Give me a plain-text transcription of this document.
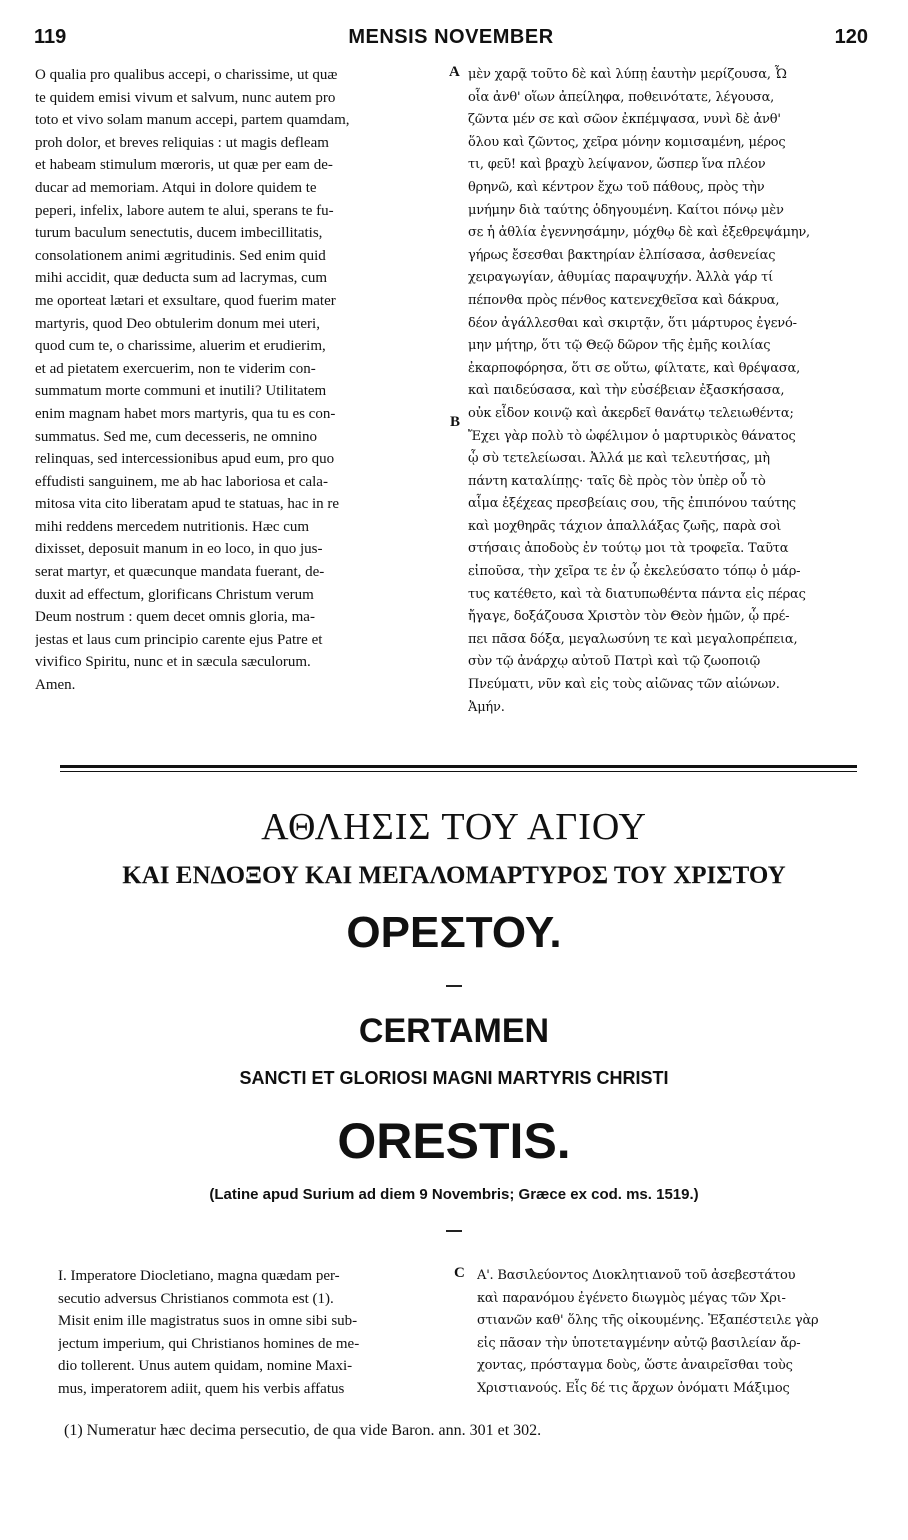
119	MENSIS NOVEMBER	120

O qualia pro qualibus accepi, o charissime, ut quæ

te quidem emisi vivum et salvum, nunc autem pro

toto et vivo solam manum accepi, partem quamdam,

proh dolor, et breves reliquias : ut magis defleam

et habeam stimulum mœroris, ut quæ per eam de-

ducar ad memoriam. Atqui in dolore quidem te

peperi, infelix, labore autem te alui, sperans te fu-

turum baculum senectutis, ducem imbecillitatis,

consolationem animi ægritudinis. Sed enim quid

mihi accidit, quæ deducta sum ad lacrymas, cum

me oporteat lætari et exsultare, quod fuerim mater

martyris, quod Deo obtulerim donum mei uteri,

quod cum te, o charissime, aluerim et erudierim,

et ad pietatem exercuerim, non te viderim con-

summatum morte communi et inutili? Utilitatem

enim magnam habet mors martyris, qua tu es con-

summatus. Sed me, cum decesseris, ne omnino

relinquas, sed intercessionibus apud eum, pro quo

effudisti sanguinem, me ab hac laboriosa et cala-

mitosa vita cito liberatam apud te statuas, hac in re

mihi reddens mercedem nutritionis. Hæc cum

dixisset, deposuit manum in eo loco, in quo jus-

serat martyr, et quæcunque mandata fuerant, de-

duxit ad effectum, glorificans Christum verum

Deum nostrum : quem decet omnis gloria, ma-

jestas et laus cum principio carente ejus Patre et

vivifico Spiritu, nunc et in sæcula sæculorum.

Amen.

μὲν χαρᾷ τοῦτο δὲ καὶ λύπῃ ἑαυτὴν μερίζουσα, Ὦ

οἷα ἀνθ' οἵων ἀπείληφα, ποθεινότατε, λέγουσα,

ζῶντα μέν σε καὶ σῶον ἐκπέμψασα, νυνὶ δὲ ἀνθ'

ὅλου καὶ ζῶντος, χεῖρα μόνην κομισαμένη, μέρος

τι, φεῦ! καὶ βραχὺ λείψανον, ὥσπερ ἵνα πλέον

θρηνῶ, καὶ κέντρον ἔχω τοῦ πάθους, πρὸς τὴν

μνήμην διὰ ταύτης ὁδηγουμένη. Καίτοι πόνῳ μὲν

σε ἡ ἀθλία ἐγεννησάμην, μόχθῳ δὲ καὶ ἐξεθρεψάμην,

γήρως ἔσεσθαι βακτηρίαν ἐλπίσασα, ἀσθενείας

χειραγωγίαν, ἀθυμίας παραψυχήν. Ἀλλὰ γάρ τί

πέπονθα πρὸς πένθος κατενεχθεῖσα καὶ δάκρυα,

δέον ἀγάλλεσθαι καὶ σκιρτᾷν, ὅτι μάρτυρος ἐγενό-

μην μήτηρ, ὅτι τῷ Θεῷ δῶρον τῆς ἐμῆς κοιλίας

ἐκαρποφόρησα, ὅτι σε οὕτω, φίλτατε, καὶ θρέψασα,

καὶ παιδεύσασα, καὶ τὴν εὐσέβειαν ἐξασκήσασα,

οὐκ εἶδον κοινῷ καὶ ἀκερδεῖ θανάτῳ τελειωθέντα;

Ἔχει γὰρ πολὺ τὸ ὠφέλιμον ὁ μαρτυρικὸς θάνατος

ᾧ σὺ τετελείωσαι. Ἀλλά με καὶ τελευτήσας, μὴ

πάντη καταλίπῃς· ταῖς δὲ πρὸς τὸν ὑπὲρ οὗ τὸ

αἷμα ἐξέχεας πρεσβείαις σου, τῆς ἐπιπόνου ταύτης

καὶ μοχθηρᾶς τάχιον ἀπαλλάξας ζωῆς, παρὰ σοὶ

στήσαις ἀποδοὺς ἐν τούτῳ μοι τὰ τροφεῖα. Ταῦτα

εἰποῦσα, τὴν χεῖρα τε ἐν ᾧ ἐκελεύσατο τόπῳ ὁ μάρ-

τυς κατέθετο, καὶ τὰ διατυπωθέντα πάντα εἰς πέρας

ἤγαγε, δοξάζουσα Χριστὸν τὸν Θεὸν ἡμῶν, ᾧ πρέ-

πει πᾶσα δόξα, μεγαλωσύνη τε καὶ μεγαλοπρέπεια,

σὺν τῷ ἀνάρχῳ αὐτοῦ Πατρὶ καὶ τῷ ζωοποιῷ

Πνεύματι, νῦν καὶ εἰς τοὺς αἰῶνας τῶν αἰώνων.

Ἀμήν.

A
B
ΑΘΛΗΣΙΣ ΤΟΥ ΑΓΙΟΥ
ΚΑΙ ΕΝΔΟΞΟΥ ΚΑΙ ΜΕΓΑΛΟΜΑΡΤΥΡΟΣ ΤΟΥ ΧΡΙΣΤΟΥ
ΟΡΕΣΤΟΥ.
CERTAMEN
SANCTI ET GLORIOSI MAGNI MARTYRIS CHRISTI
ORESTIS.
(Latine apud Surium ad diem 9 Novembris; Græce ex cod. ms. 1519.)

I. Imperatore Diocletiano, magna quædam per-

secutio adversus Christianos commota est (1).

Misit enim ille magistratus suos in omne sibi sub-

jectum imperium, qui Christianos homines de me-

dio tollerent. Unus autem quidam, nomine Maxi-

mus, imperatorem adiit, quem his verbis affatus

Α'. Βασιλεύοντος Διοκλητιανοῦ τοῦ ἀσεβεστάτου

καὶ παρανόμου ἐγένετο διωγμὸς μέγας τῶν Χρι-

στιανῶν καθ' ὅλης τῆς οἰκουμένης. Ἐξαπέστειλε γὰρ

εἰς πᾶσαν τὴν ὑποτεταγμένην αὐτῷ βασιλείαν ἄρ-

χοντας, πρόσταγμα δοὺς, ὥστε ἀναιρεῖσθαι τοὺς

Χριστιανούς. Εἷς δέ τις ἄρχων ὀνόματι Μάξιμος

C
(1) Numeratur hæc decima persecutio, de qua vide Baron. ann. 301 et 302.
